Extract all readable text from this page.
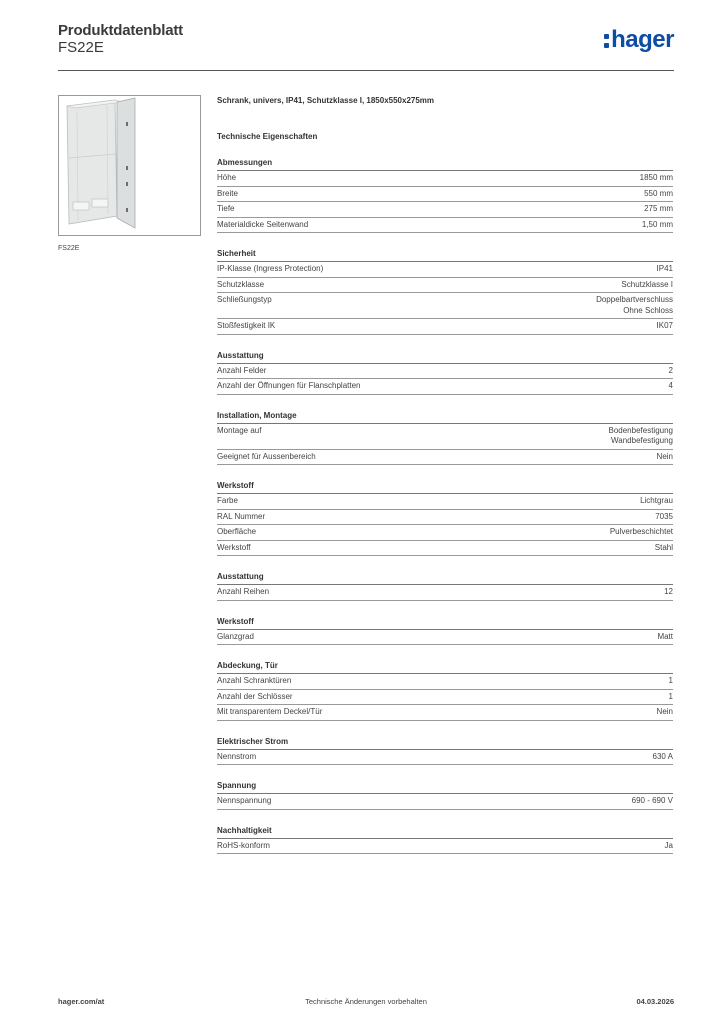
Produktdatenblatt
FS22E	hager
FS22E
Schrank, univers, IP41, Schutzklasse I, 1850x550x275mm
Technische Eigenschaften
Abmessungen
Höhe	1850 mm
Breite	550 mm
Tiefe	275 mm
Materialdicke Seitenwand	1,50 mm
Sicherheit
IP-Klasse (Ingress Protection)	IP41
Schutzklasse	Schutzklasse I
Schließungstyp	Doppelbartverschluss
Ohne Schloss
Stoßfestigkeit IK	IK07
Ausstattung
Anzahl Felder	2
Anzahl der Öffnungen für Flanschplatten	4
Installation, Montage
Montage auf	Bodenbefestigung
Wandbefestigung
Geeignet für Aussenbereich	Nein
Werkstoff
Farbe	Lichtgrau
RAL Nummer	7035
Oberfläche	Pulverbeschichtet
Werkstoff	Stahl
Ausstattung
Anzahl Reihen	12
Werkstoff
Glanzgrad	Matt
Abdeckung, Tür
Anzahl Schranktüren	1
Anzahl der Schlösser	1
Mit transparentem Deckel/Tür	Nein
Elektrischer Strom
Nennstrom	630 A
Spannung
Nennspannung	690 - 690 V
Nachhaltigkeit
RoHS-konform	Ja
Technische Änderungen vorbehalten
hager.com/at	04.03.2026
